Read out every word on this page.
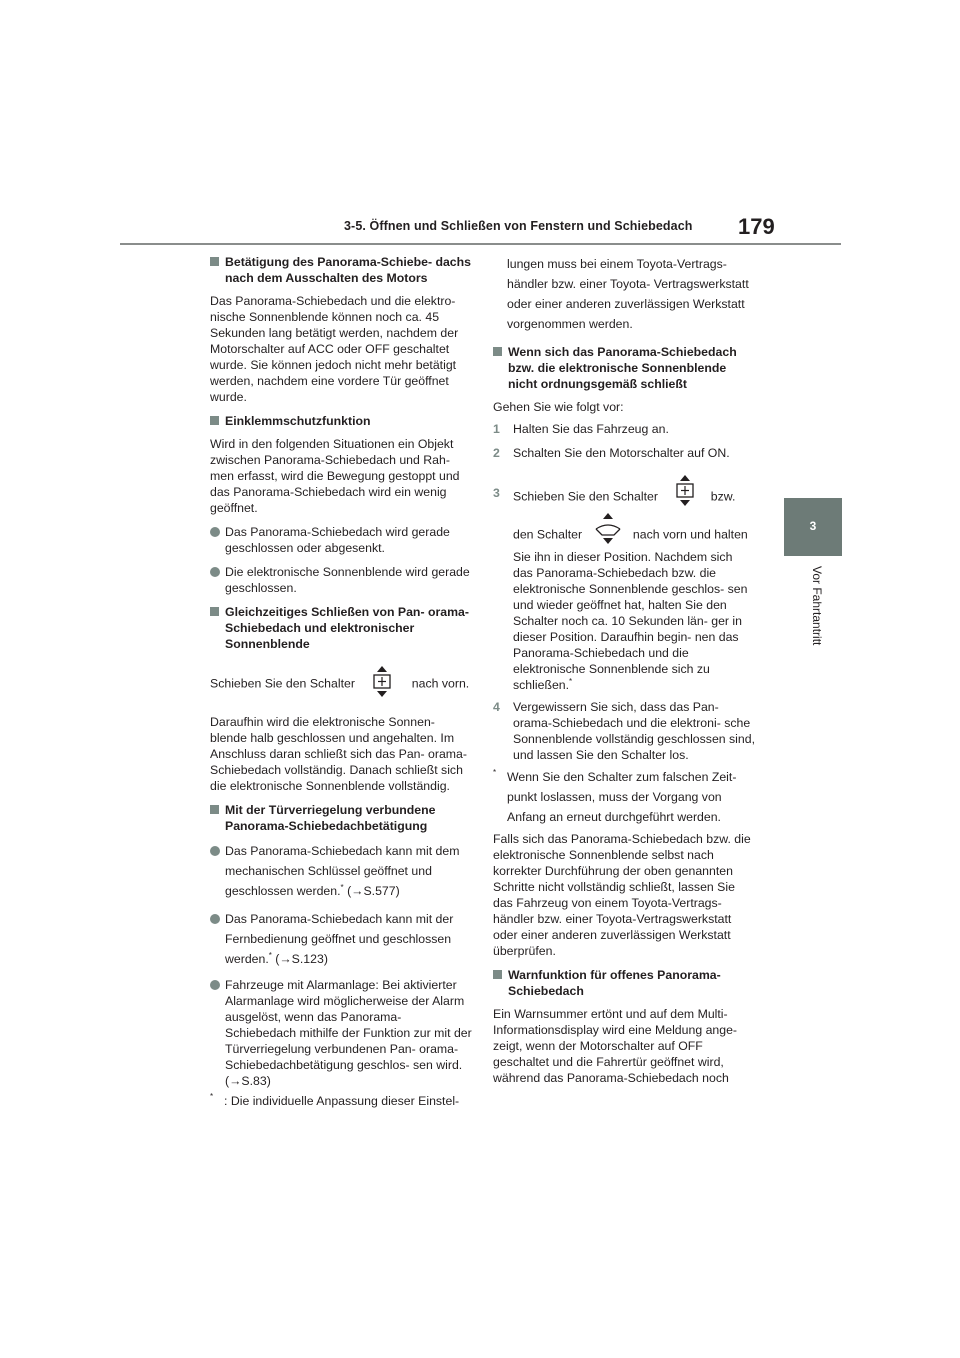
3-5. Öffnen und Schließen von Fenstern und Schiebedach 179
3
Vor Fahrtantritt
Betätigung des Panorama-Schiebe- dachs nach dem Ausschalten des Motors

Das Panorama-Schiebedach und die elektro- nische Sonnenblende können noch ca. 45 Sekunden lang betätigt werden, nachdem der Motorschalter auf ACC oder OFF geschaltet wurde. Sie können jedoch nicht mehr betätigt werden, nachdem eine vordere Tür geöffnet wurde.

Einklemmschutzfunktion

Wird in den folgenden Situationen ein Objekt zwischen Panorama-Schiebedach und Rah- men erfasst, wird die Bewegung gestoppt und das Panorama-Schiebedach wird ein wenig geöffnet.

Das Panorama-Schiebedach wird gerade geschlossen oder abgesenkt.
Die elektronische Sonnenblende wird gerade geschlossen.
Gleichzeitiges Schließen von Pan- orama-Schiebedach und elektronischer Sonnenblende

Schieben Sie den Schalter	nach vorn.

Daraufhin wird die elektronische Sonnen- blende halb geschlossen und angehalten. Im Anschluss daran schließt sich das Pan- orama-Schiebedach vollständig. Danach schließt sich die elektronische Sonnenblende vollständig.

Mit der Türverriegelung verbundene Panorama-Schiebedachbetätigung
Das Panorama-Schiebedach kann mit dem mechanischen Schlüssel geöffnet und geschlossen werden.* (→S.577)
Das Panorama-Schiebedach kann mit der Fernbedienung geöffnet und geschlossen werden.* (→S.123)
Fahrzeuge mit Alarmanlage: Bei aktivierter Alarmanlage wird möglicherweise der Alarm ausgelöst, wenn das Panorama- Schiebedach mithilfe der Funktion zur mit der Türverriegelung verbundenen Pan- orama-Schiebedachbetätigung geschlos- sen wird. (→S.83)
* : Die individuelle Anpassung dieser Einstel-

lungen muss bei einem Toyota-Vertrags- händler bzw. einer Toyota- Vertragswerkstatt oder einer anderen zuverlässigen Werkstatt vorgenommen werden.

Wenn sich das Panorama-Schiebedach bzw. die elektronische Sonnenblende nicht ordnungsgemäß schließt

Gehen Sie wie folgt vor:

1 Halten Sie das Fahrzeug an.
2 Schalten Sie den Motorschalter auf ON.
3 Schieben Sie den Schalter	bzw.
den Schalter	nach vorn und halten
Sie ihn in dieser Position. Nachdem sich das Panorama-Schiebedach bzw. die elektronische Sonnenblende geschlos- sen und wieder geöffnet hat, halten Sie den Schalter noch ca. 10 Sekunden län- ger in dieser Position. Daraufhin begin- nen das Panorama-Schiebedach und die elektronische Sonnenblende sich zu schließen.*
4 Vergewissern Sie sich, dass das Pan- orama-Schiebedach und die elektroni- sche Sonnenblende vollständig geschlossen sind, und lassen Sie den Schalter los.
* Wenn Sie den Schalter zum falschen Zeit- punkt loslassen, muss der Vorgang von Anfang an erneut durchgeführt werden.

Falls sich das Panorama-Schiebedach bzw. die elektronische Sonnenblende selbst nach korrekter Durchführung der oben genannten Schritte nicht vollständig schließt, lassen Sie das Fahrzeug von einem Toyota-Vertrags- händler bzw. einer Toyota-Vertragswerkstatt oder einer anderen zuverlässigen Werkstatt überprüfen.

Warnfunktion für offenes Panorama- Schiebedach

Ein Warnsummer ertönt und auf dem Multi- Informationsdisplay wird eine Meldung ange- zeigt, wenn der Motorschalter auf OFF geschaltet und die Fahrertür geöffnet wird, während das Panorama-Schiebedach noch
